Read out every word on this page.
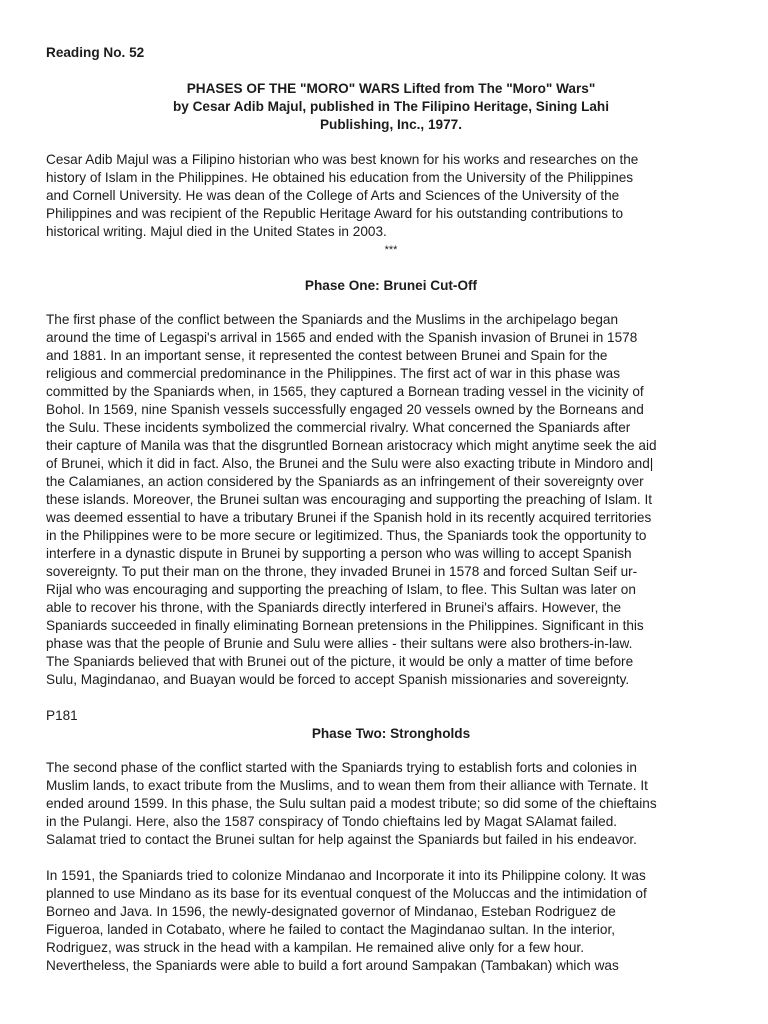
Reading No. 52
PHASES OF THE "MORO" WARS Lifted from The "Moro" Wars"
by Cesar Adib Majul, published in The Filipino Heritage, Sining Lahi
Publishing, Inc., 1977.
Cesar Adib Majul was a Filipino historian who was best known for his works and researches on the
history of Islam in the Philippines. He obtained his education from the University of the Philippines
and Cornell University. He was dean of the College of Arts and Sciences of the University of the
Philippines and was recipient of the Republic Heritage Award for his outstanding contributions to
historical writing. Majul died in the United States in 2003.
***
Phase One: Brunei Cut-Off
The first phase of the conflict between the Spaniards and the Muslims in the archipelago began
around the time of Legaspi's arrival in 1565 and ended with the Spanish invasion of Brunei in 1578
and 1881. In an important sense, it represented the contest between Brunei and Spain for the
religious and commercial predominance in the Philippines. The first act of war in this phase was
committed by the Spaniards when, in 1565, they captured a Bornean trading vessel in the vicinity of
Bohol. In 1569, nine Spanish vessels successfully engaged 20 vessels owned by the Borneans and
the Sulu. These incidents symbolized the commercial rivalry. What concerned the Spaniards after
their capture of Manila was that the disgruntled Bornean aristocracy which might anytime seek the aid
of Brunei, which it did in fact. Also, the Brunei and the Sulu were also exacting tribute in Mindoro and|
the Calamianes, an action considered by the Spaniards as an infringement of their sovereignty over
these islands. Moreover, the Brunei sultan was encouraging and supporting the preaching of Islam. It
was deemed essential to have a tributary Brunei if the Spanish hold in its recently acquired territories
in the Philippines were to be more secure or legitimized. Thus, the Spaniards took the opportunity to
interfere in a dynastic dispute in Brunei by supporting a person who was willing to accept Spanish
sovereignty. To put their man on the throne, they invaded Brunei in 1578 and forced Sultan Seif ur-
Rijal who was encouraging and supporting the preaching of Islam, to flee. This Sultan was later on
able to recover his throne, with the Spaniards directly interfered in Brunei's affairs. However, the
Spaniards succeeded in finally eliminating Bornean pretensions in the Philippines. Significant in this
phase was that the people of Brunie and Sulu were allies - their sultans were also brothers-in-law.
The Spaniards believed that with Brunei out of the picture, it would be only a matter of time before
Sulu, Magindanao, and Buayan would be forced to accept Spanish missionaries and sovereignty.
P181
Phase Two: Strongholds
The second phase of the conflict started with the Spaniards trying to establish forts and colonies in
Muslim lands, to exact tribute from the Muslims, and to wean them from their alliance with Ternate. It
ended around 1599. In this phase, the Sulu sultan paid a modest tribute; so did some of the chieftains
in the Pulangi. Here, also the 1587 conspiracy of Tondo chieftains led by Magat SAlamat failed.
Salamat tried to contact the Brunei sultan for help against the Spaniards but failed in his endeavor.
In 1591, the Spaniards tried to colonize Mindanao and Incorporate it into its Philippine colony. It was
planned to use Mindano as its base for its eventual conquest of the Moluccas and the intimidation of
Borneo and Java. In 1596, the newly-designated governor of Mindanao, Esteban Rodriguez de
Figueroa, landed in Cotabato, where he failed to contact the Magindanao sultan. In the interior,
Rodriguez, was struck in the head with a kampilan. He remained alive only for a few hour.
Nevertheless, the Spaniards were able to build a fort around Sampakan (Tambakan) which was
